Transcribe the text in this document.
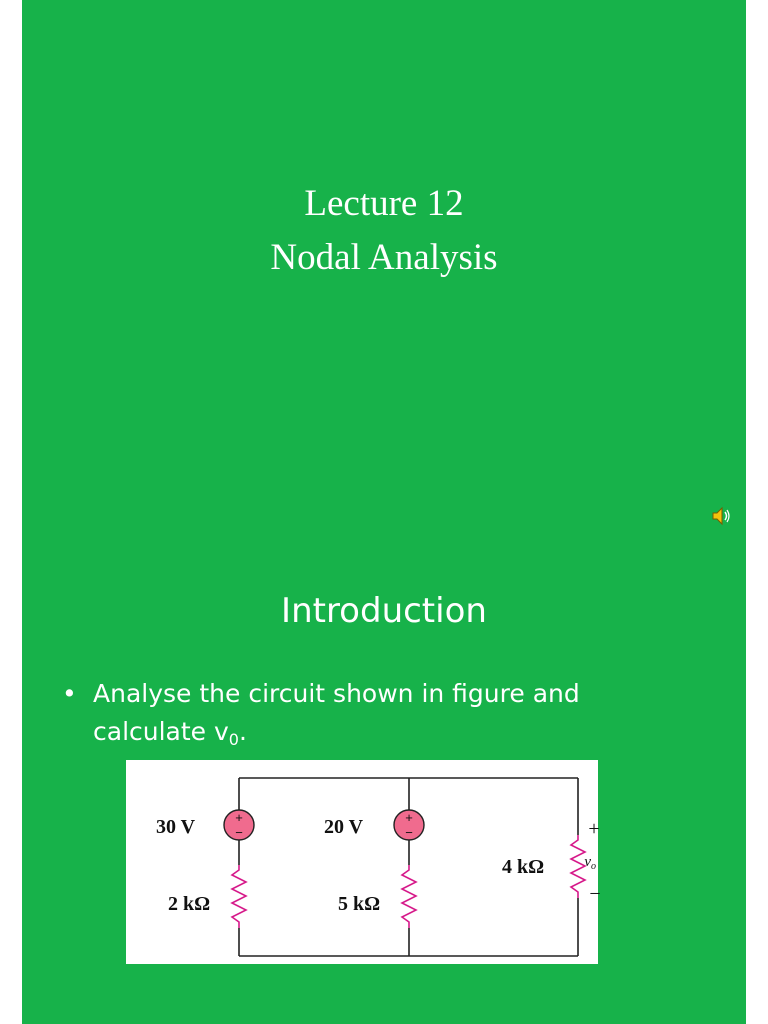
Lecture 12
Nodal Analysis
Introduction
• Analyse the circuit shown in figure and calculate $v_0$.
+
−
+
−
30 V	20 V
2 kΩ	5 kΩ
4 kΩ
+
$v_o$
−
